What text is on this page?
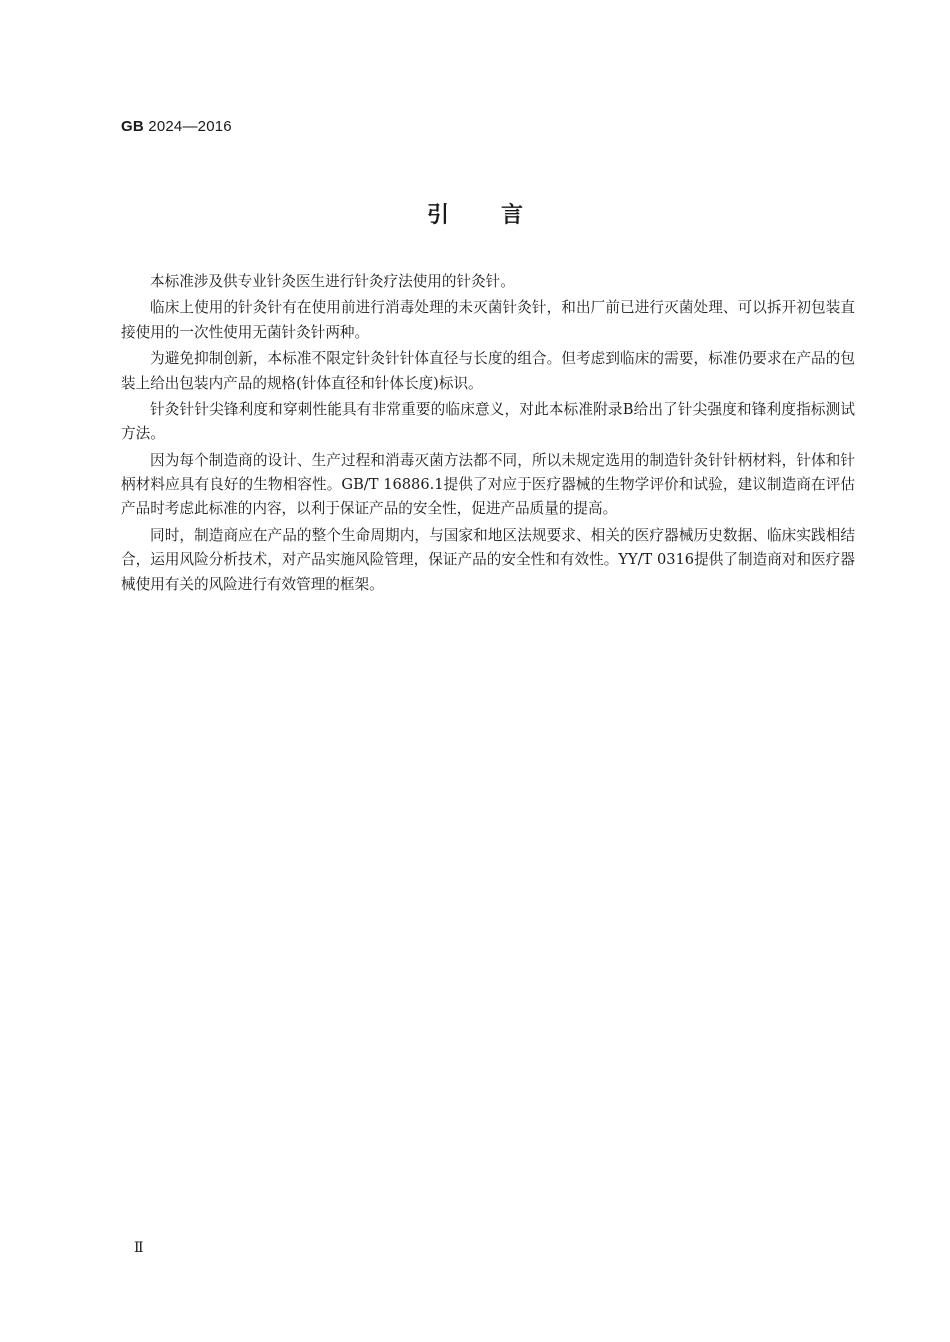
GB 2024—2016
引言

本标准涉及供专业针灸医生进行针灸疗法使用的针灸针。

临床上使用的针灸针有在使用前进行消毒处理的未灭菌针灸针，和出厂前已进行灭菌处理、可以拆开初包装直接使用的一次性使用无菌针灸针两种。

为避免抑制创新，本标准不限定针灸针针体直径与长度的组合。但考虑到临床的需要，标准仍要求在产品的包装上给出包装内产品的规格(针体直径和针体长度)标识。

针灸针针尖锋利度和穿刺性能具有非常重要的临床意义，对此本标准附录B给出了针尖强度和锋利度指标测试方法。

因为每个制造商的设计、生产过程和消毒灭菌方法都不同，所以未规定选用的制造针灸针针柄材料，针体和针柄材料应具有良好的生物相容性。GB/T 16886.1提供了对应于医疗器械的生物学评价和试验，建议制造商在评估产品时考虑此标准的内容，以利于保证产品的安全性，促进产品质量的提高。

同时，制造商应在产品的整个生命周期内，与国家和地区法规要求、相关的医疗器械历史数据、临床实践相结合，运用风险分析技术，对产品实施风险管理，保证产品的安全性和有效性。YY/T 0316提供了制造商对和医疗器械使用有关的风险进行有效管理的框架。

Ⅱ
